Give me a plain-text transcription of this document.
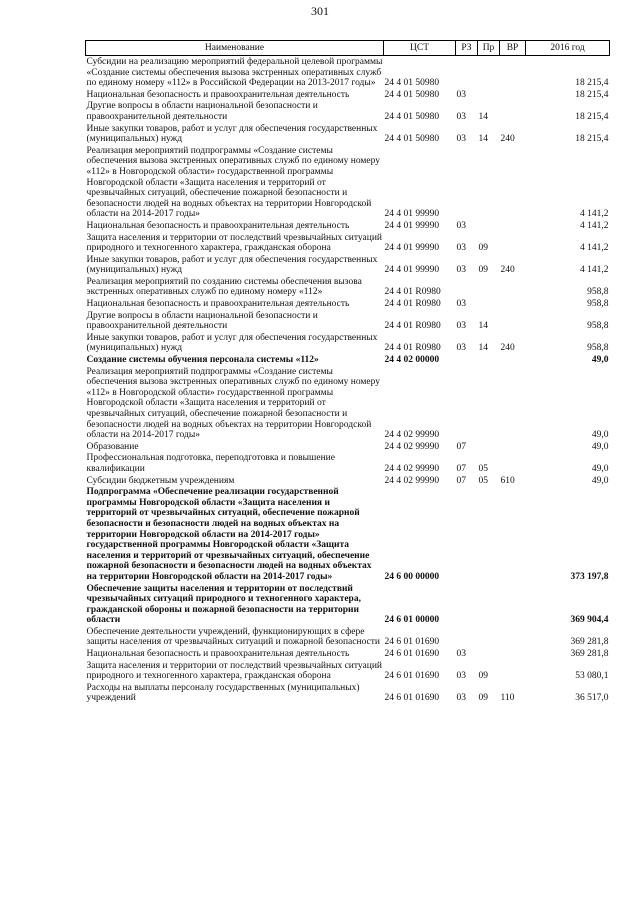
301
Наименование	ЦСТ	РЗ	Пр	ВР	2016 год
Субсидии на реализацию мероприятий федеральной целевой программы «Создание системы обеспечения вызова экстренных оперативных служб по единому номеру «112» в Российской Федерации на 2013-2017 годы»	24 4 01 50980				18 215,4
Национальная безопасность и правоохранительная деятельность	24 4 01 50980	03			18 215,4
Другие вопросы в области национальной безопасности и правоохранительной деятельности	24 4 01 50980	03	14		18 215,4
Иные закупки товаров, работ и услуг для обеспечения государственных (муниципальных) нужд	24 4 01 50980	03	14	240	18 215,4
Реализация мероприятий подпрограммы «Создание системы обеспечения вызова экстренных оперативных служб по единому номеру «112» в Новгородской области» государственной программы Новгородской области «Защита населения и территорий от чрезвычайных ситуаций, обеспечение пожарной безопасности и безопасности людей на водных объектах на территории Новгородской области на 2014-2017 годы»	24 4 01 99990				4 141,2
Национальная безопасность и правоохранительная деятельность	24 4 01 99990	03			4 141,2
Защита населения и территории от последствий чрезвычайных ситуаций природного и техногенного характера, гражданская оборона	24 4 01 99990	03	09		4 141,2
Иные закупки товаров, работ и услуг для обеспечения государственных (муниципальных) нужд	24 4 01 99990	03	09	240	4 141,2
Реализация мероприятий по созданию системы обеспечения вызова экстренных оперативных служб по единому номеру «112»	24 4 01 R0980				958,8
Национальная безопасность и правоохранительная деятельность	24 4 01 R0980	03			958,8
Другие вопросы в области национальной безопасности и правоохранительной деятельности	24 4 01 R0980	03	14		958,8
Иные закупки товаров, работ и услуг для обеспечения государственных (муниципальных) нужд	24 4 01 R0980	03	14	240	958,8
Создание системы обучения персонала системы «112»	24 4 02 00000				49,0
Реализация мероприятий подпрограммы «Создание системы обеспечения вызова экстренных оперативных служб по единому номеру «112» в Новгородской области» государственной программы Новгородской области «Защита населения и территорий от чрезвычайных ситуаций, обеспечение пожарной безопасности и безопасности людей на водных объектах на территории Новгородской области на 2014-2017 годы»	24 4 02 99990				49,0
Образование	24 4 02 99990	07			49,0
Профессиональная подготовка, переподготовка и повышение квалификации	24 4 02 99990	07	05		49,0
Субсидии бюджетным учреждениям	24 4 02 99990	07	05	610	49,0
Подпрограмма «Обеспечение реализации государственной программы Новгородской области «Защита населения и территорий от чрезвычайных ситуаций, обеспечение пожарной безопасности и безопасности людей на водных объектах на территории Новгородской области на 2014-2017 годы» государственной программы Новгородской области «Защита населения и территорий от чрезвычайных ситуаций, обеспечение пожарной безопасности и безопасности людей на водных объектах на территории Новгородской области на 2014-2017 годы»	24 6 00 00000				373 197,8
Обеспечение защиты населения и территории от последствий чрезвычайных ситуаций природного и техногенного характера, гражданской обороны и пожарной безопасности на территории области	24 6 01 00000				369 904,4
Обеспечение деятельности учреждений, функционирующих в сфере защиты населения от чрезвычайных ситуаций и пожарной безопасности	24 6 01 01690				369 281,8
Национальная безопасность и правоохранительная деятельность	24 6 01 01690	03			369 281,8
Защита населения и территории от последствий чрезвычайных ситуаций природного и техногенного характера, гражданская оборона	24 6 01 01690	03	09		53 080,1
Расходы на выплаты персоналу государственных (муниципальных) учреждений	24 6 01 01690	03	09	110	36 517,0
